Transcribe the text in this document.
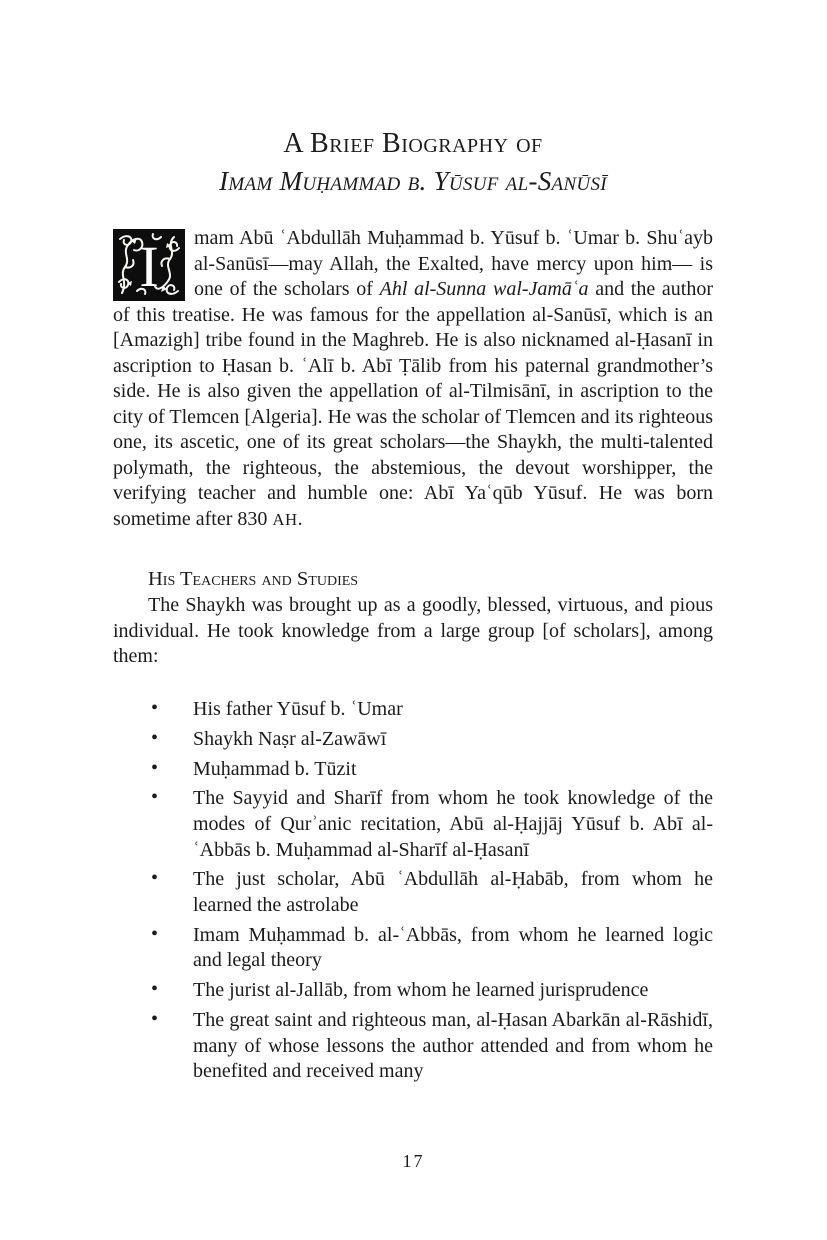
A Brief Biography of
Imam Muḥammad b. Yūsuf al-Sanūsī

I mam Abū ʿAbdullāh Muḥammad b. Yūsuf b. ʿUmar b. Shuʿayb al-Sanūsī—may Allah, the Exalted, have mercy upon him— is one of the scholars of Ahl al-Sunna wal-Jamāʿa and the author of this treatise. He was famous for the appellation al-Sanūsī, which is an [Amazigh] tribe found in the Maghreb. He is also nicknamed al-Ḥasanī in ascription to Ḥasan b. ʿAlī b. Abī Ṭālib from his paternal grandmother’s side. He is also given the appellation of al-Tilmisānī, in ascription to the city of Tlemcen [Algeria]. He was the scholar of Tlemcen and its righteous one, its ascetic, one of its great scholars—the Shaykh, the multi-talented polymath, the righteous, the abstemious, the devout worshipper, the verifying teacher and humble one: Abī Yaʿqūb Yūsuf. He was born sometime after 830 AH.

His Teachers and Studies

The Shaykh was brought up as a goodly, blessed, virtuous, and pious individual. He took knowledge from a large group [of scholars], among them:

• His father Yūsuf b. ʿUmar
• Shaykh Naṣr al-Zawāwī
• Muḥammad b. Tūzit
• The Sayyid and Sharīf from whom he took knowledge of the modes of Qurʾanic recitation, Abū al-Ḥajjāj Yūsuf b. Abī al-ʿAbbās b. Muḥammad al-Sharīf al-Ḥasanī
• The just scholar, Abū ʿAbdullāh al-Ḥabāb, from whom he learned the astrolabe
• Imam Muḥammad b. al-ʿAbbās, from whom he learned logic and legal theory
• The jurist al-Jallāb, from whom he learned jurisprudence
• The great saint and righteous man, al-Ḥasan Abarkān al-Rāshidī, many of whose lessons the author attended and from whom he benefited and received many
17
